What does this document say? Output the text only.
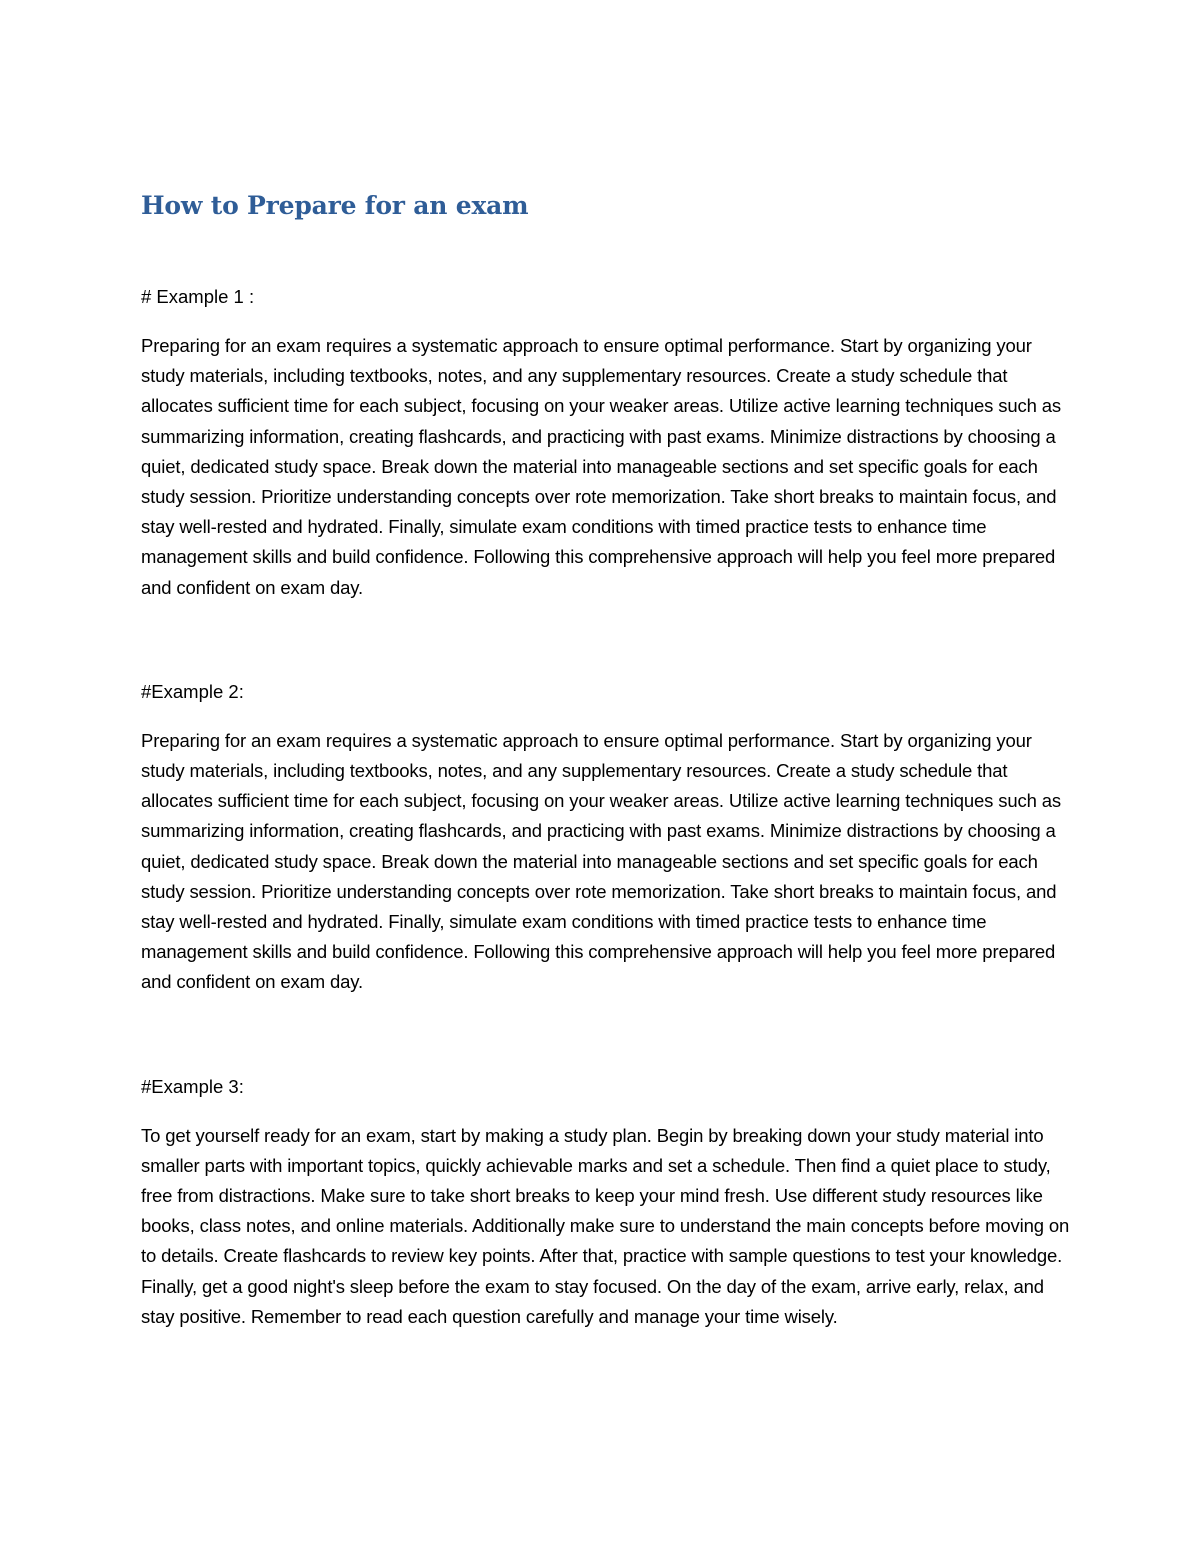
How to Prepare for an exam

# Example 1 :

Preparing for an exam requires a systematic approach to ensure optimal performance. Start by organizing your study materials, including textbooks, notes, and any supplementary resources. Create a study schedule that allocates sufficient time for each subject, focusing on your weaker areas. Utilize active learning techniques such as summarizing information, creating flashcards, and practicing with past exams. Minimize distractions by choosing a quiet, dedicated study space. Break down the material into manageable sections and set specific goals for each study session. Prioritize understanding concepts over rote memorization. Take short breaks to maintain focus, and stay well-rested and hydrated. Finally, simulate exam conditions with timed practice tests to enhance time management skills and build confidence. Following this comprehensive approach will help you feel more prepared and confident on exam day.

#Example 2:

Preparing for an exam requires a systematic approach to ensure optimal performance. Start by organizing your study materials, including textbooks, notes, and any supplementary resources. Create a study schedule that allocates sufficient time for each subject, focusing on your weaker areas. Utilize active learning techniques such as summarizing information, creating flashcards, and practicing with past exams. Minimize distractions by choosing a quiet, dedicated study space. Break down the material into manageable sections and set specific goals for each study session. Prioritize understanding concepts over rote memorization. Take short breaks to maintain focus, and stay well-rested and hydrated. Finally, simulate exam conditions with timed practice tests to enhance time management skills and build confidence. Following this comprehensive approach will help you feel more prepared and confident on exam day.

#Example 3:

To get yourself ready for an exam, start by making a study plan. Begin by breaking down your study material into smaller parts with important topics, quickly achievable marks and set a schedule. Then find a quiet place to study, free from distractions. Make sure to take short breaks to keep your mind fresh. Use different study resources like books, class notes, and online materials. Additionally make sure to understand the main concepts before moving on to details. Create flashcards to review key points. After that, practice with sample questions to test your knowledge. Finally, get a good night's sleep before the exam to stay focused. On the day of the exam, arrive early, relax, and stay positive. Remember to read each question carefully and manage your time wisely.
